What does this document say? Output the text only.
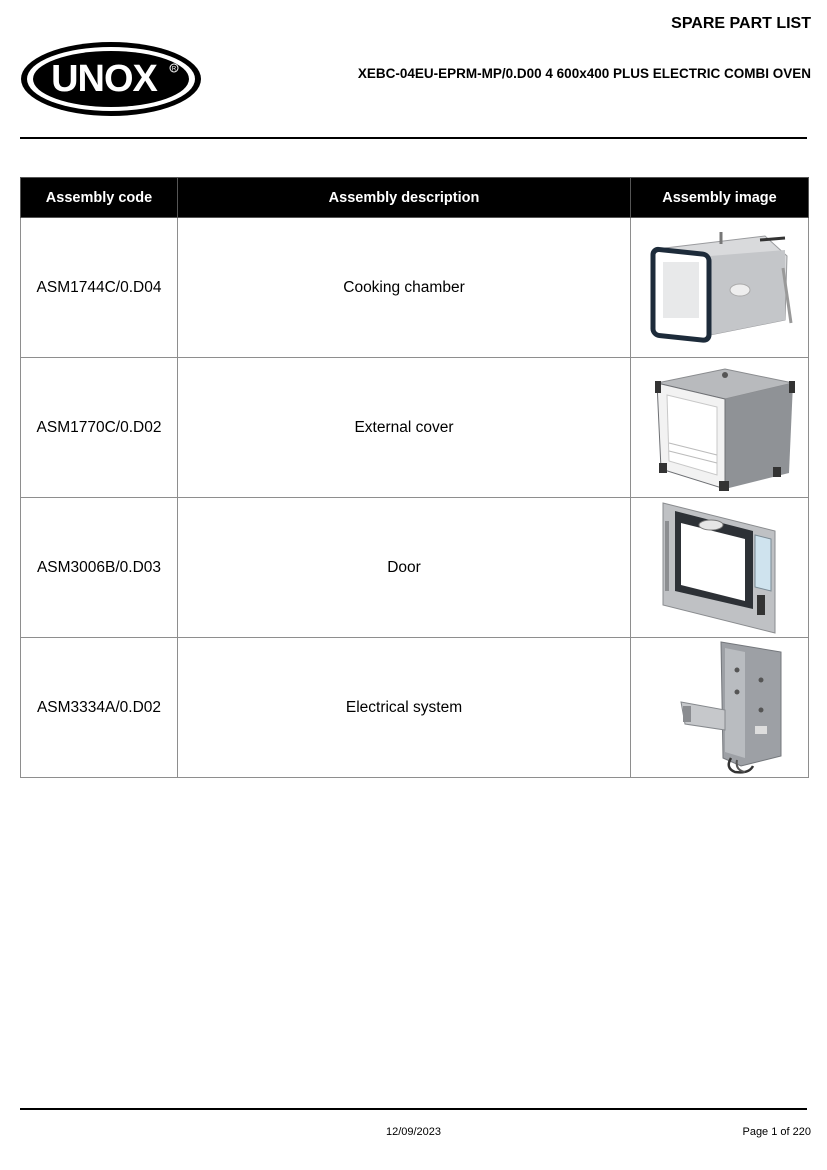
SPARE PART LIST
UNOX R	XEBC-04EU-EPRM-MP/0.D00 4 600x400 PLUS ELECTRIC COMBI OVEN
Assembly code	Assembly description	Assembly image
ASM1744C/0.D04	Cooking chamber	

ASM1770C/0.D02	External cover	

ASM3006B/0.D03	Door	

ASM3334A/0.D02	Electrical system	
12/09/2023	Page 1 of 220
